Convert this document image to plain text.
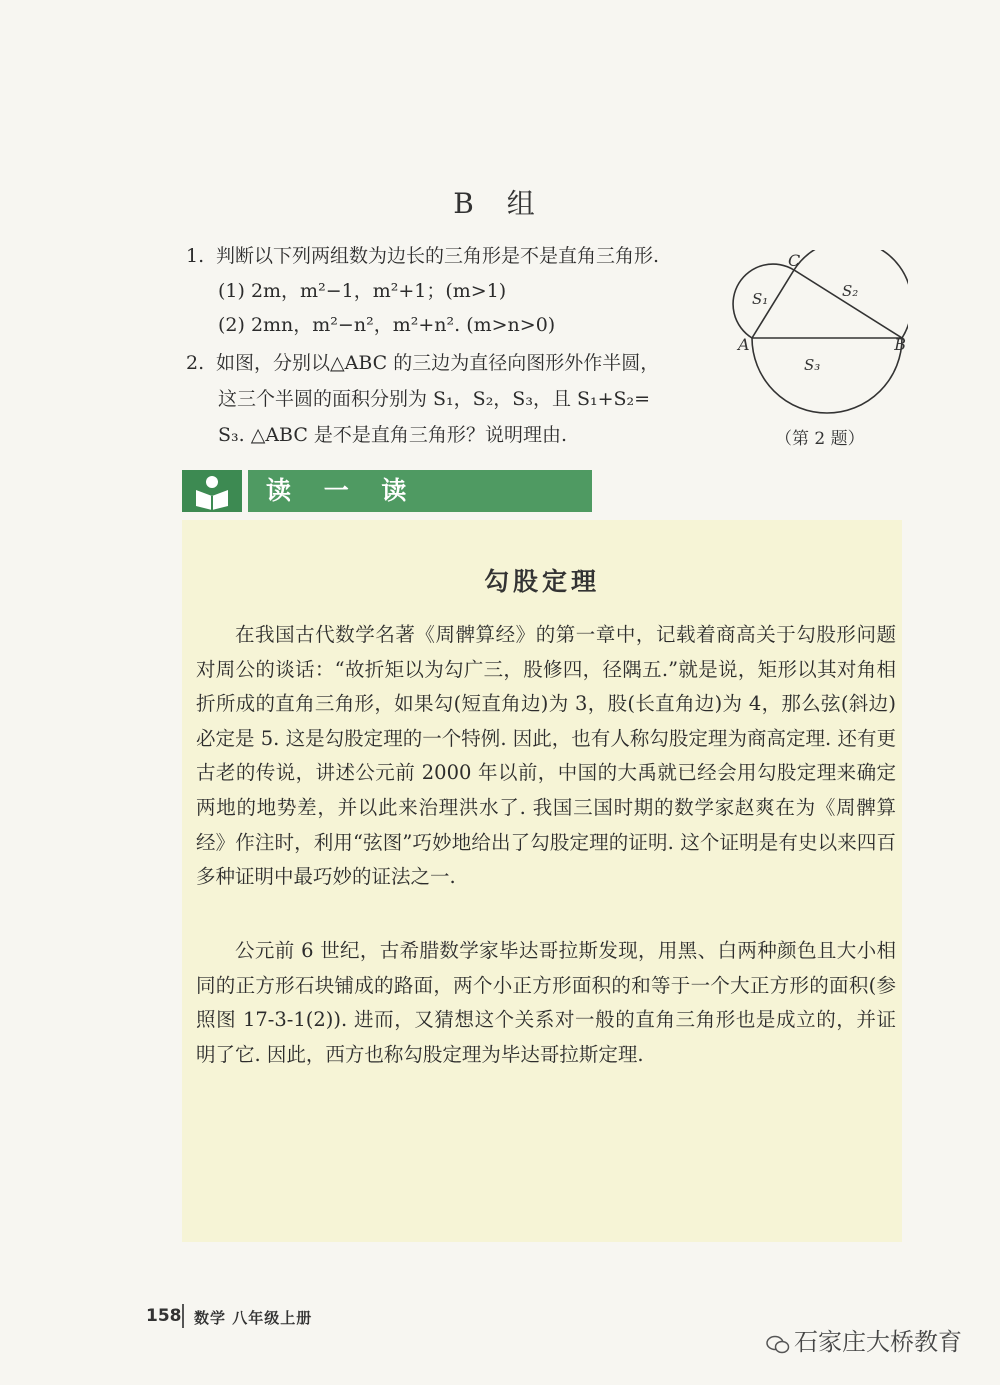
B 组
1. 判断以下列两组数为边长的三角形是不是直角三角形.
(1) 2m，m²−1，m²+1；(m>1)
(2) 2mn，m²−n²，m²+n². (m>n>0)
2. 如图，分别以△ABC 的三边为直径向图形外作半圆，
这三个半圆的面积分别为 S₁，S₂，S₃，且 S₁+S₂=
S₃. △ABC 是不是直角三角形？说明理由.
A	B
C
S₁	S₂
S₃
（第 2 题）
读 一 读
勾股定理

在我国古代数学名著《周髀算经》的第一章中，记载着商高关于勾股形问题对周公的谈话：“故折矩以为勾广三，股修四，径隅五.”就是说，矩形以其对角相折所成的直角三角形，如果勾(短直角边)为 3，股(长直角边)为 4，那么弦(斜边)必定是 5. 这是勾股定理的一个特例. 因此，也有人称勾股定理为商高定理. 还有更古老的传说，讲述公元前 2000 年以前，中国的大禹就已经会用勾股定理来确定两地的地势差，并以此来治理洪水了. 我国三国时期的数学家赵爽在为《周髀算经》作注时，利用“弦图”巧妙地给出了勾股定理的证明. 这个证明是有史以来四百多种证明中最巧妙的证法之一.

公元前 6 世纪，古希腊数学家毕达哥拉斯发现，用黑、白两种颜色且大小相同的正方形石块铺成的路面，两个小正方形面积的和等于一个大正方形的面积(参照图 17-3-1(2)). 进而，又猜想这个关系对一般的直角三角形也是成立的，并证明了它. 因此，西方也称勾股定理为毕达哥拉斯定理.

158 数学 八年级上册
石家庄大桥教育
